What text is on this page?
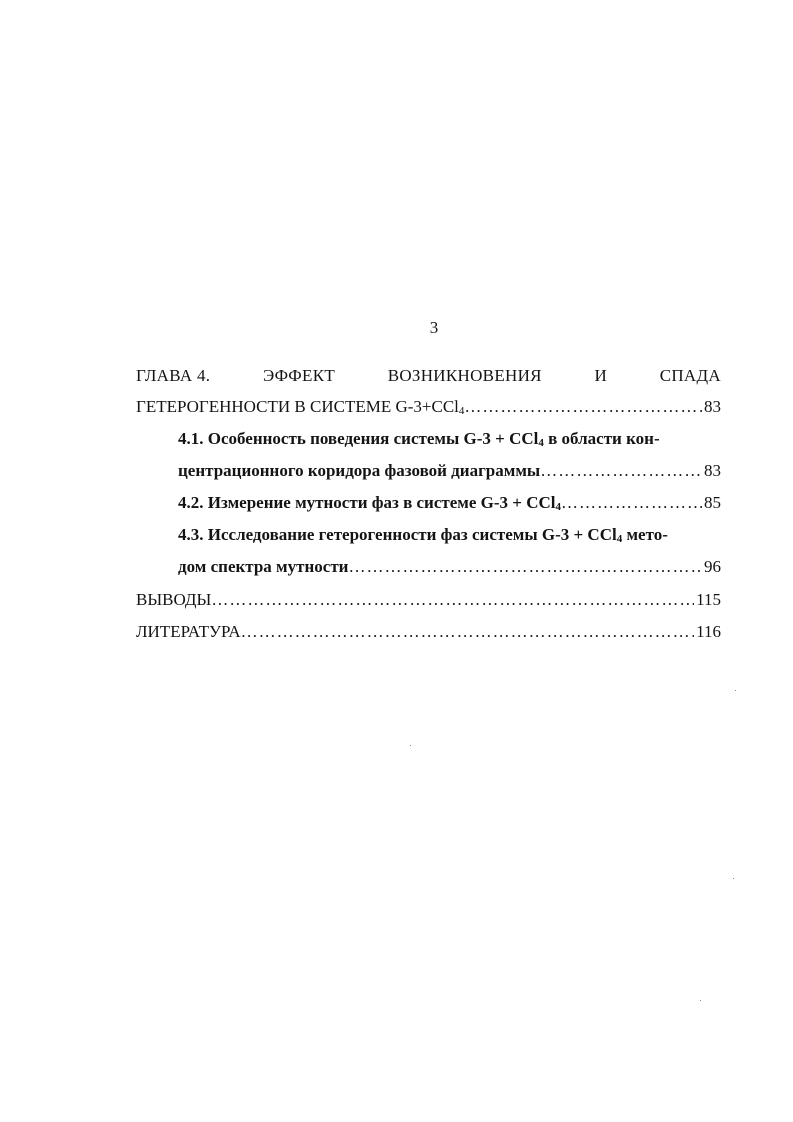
3
ГЛАВА 4.	ЭФФЕКТ	ВОЗНИКНОВЕНИЯ	И	СПАДА
ГЕТЕРОГЕННОСТИ В СИСТЕМЕ G-3+CCl$_4$ ……………………………………………………………………………………………………………………	83
4.1. Особенность поведения системы G-3 + CCl$_4$ в области кон-
центрационного коридора фазовой диаграммы ……………………………………………………………………………………………………………………	83
4.2. Измерение мутности фаз в системе G-3 + CCl$_4$ ……………………………………………………………………………………………………………………	85
4.3. Исследование гетерогенности фаз системы G-3 + CCl$_4$ мето-
дом спектра мутности ……………………………………………………………………………………………………………………	96
ВЫВОДЫ ……………………………………………………………………………………………………………………	115
ЛИТЕРАТУРА ……………………………………………………………………………………………………………………	116
